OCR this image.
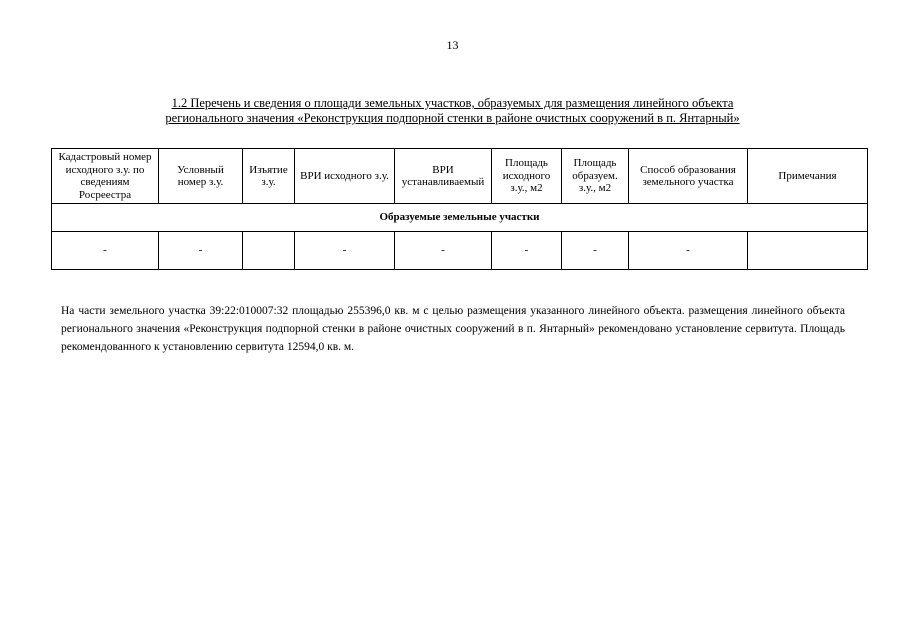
13
1.2 Перечень и сведения о площади земельных участков, образуемых для размещения линейного объекта
регионального значения «Реконструкция подпорной стенки в районе очистных сооружений в п. Янтарный»
Кадастровый номер исходного з.у. по сведениям Росреестра	Условный номер з.у.	Изъятие з.у.	ВРИ исходного з.у.	ВРИ устанавливаемый	Площадь исходного з.у., м2	Площадь образуем. з.у., м2	Способ образования земельного участка	Примечания
Образуемые земельные участки								
-	-		-	-	-	-	-	

На части земельного участка 39:22:010007:32 площадью 255396,0 кв. м с целью размещения указанного линейного объекта. размещения линейного объекта регионального значения «Реконструкция подпорной стенки в районе очистных сооружений в п. Янтарный» рекомендовано установление сервитута. Площадь рекомендованного к установлению сервитута 12594,0 кв. м.
